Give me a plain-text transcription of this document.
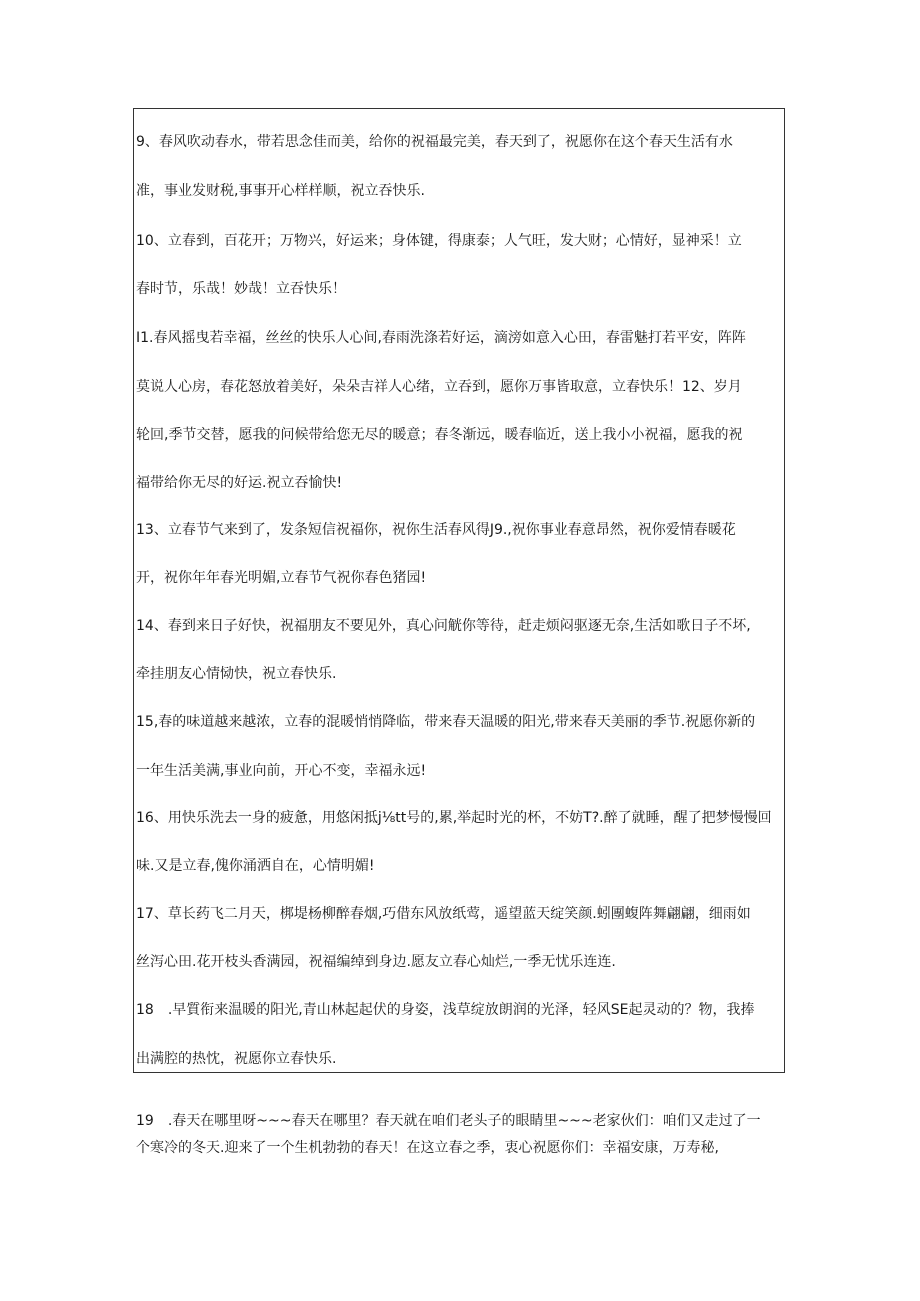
9、春风吹动春水，带若思念佳而美，给你的祝福最完美，春天到了，祝愿你在这个春天生活有水
准，事业发财税,事事开心样样顺，祝立吞快乐.
10、立春到，百花开；万物兴，好运来；身体键，得康泰；人气旺，发大财；心情好，显神采！立
春时节，乐哉！妙哉！立吞快乐！
I1.春风摇曳若幸福，丝丝的快乐人心间,春雨洗涤若好运，滴滂如意入心田，春雷魅打若平安，阵阵
莫说人心房，春花怒放着美好，朵朵吉祥人心绪，立吞到，愿你万事皆取意，立春快乐！12、岁月
轮回,季节交替，愿我的问候带给您无尽的暖意；春冬渐远，暖春临近，送上我小小祝福，愿我的祝
福带给你无尽的好运.祝立吞愉快!
13、立春节气来到了，发条短信祝福你，祝你生活春风得J9.,祝你事业春意昂然，祝你爱情春暖花
开，祝你年年春光明媚,立春节气祝你春色猪园!
14、春到来日子好快，祝福朋友不要见外，真心问觥你等待，赶走烦闷驱逐无奈,生活如歌日子不坏,
牵挂朋友心情恸快，祝立春快乐.
15,春的味道越来越浓，立春的混暖悄悄降临，带来春天温暖的阳光,带来春天美丽的季节.祝愿你新的
一年生活美满,事业向前，开心不变，幸福永远!
16、用快乐洗去一身的疲惫，用悠闲抵j⅛tt号的,累,举起时光的杯，不妨T?.醉了就睡，醒了把梦慢慢回
味.又是立春,傀你涌洒自在，心情明媚!
17、草长药飞二月天，梆堤杨柳醉春烟,巧借东风放纸莺，遥望蓝天绽笑颜.蚓團蝮阵舞翩翩，细雨如
丝泻心田.花开枝头香满园，祝福编绰到身边.愿友立春心灿烂,一季无忧乐连连.
18　.早質衔来温暖的阳光,青山林起起伏的身姿，浅草绽放朗润的光泽，轻风SE起灵动的？物，我捧
出满腔的热忱，祝愿你立春快乐.
19　.春天在哪里呀~~~春天在哪里？春天就在咱们老头子的眼睛里~~~老家伙们：咱们又走过了一
个寒冷的冬天.迎来了一个生机勃勃的春天！在这立春之季，衷心祝愿你们：幸福安康，万寿秘,
